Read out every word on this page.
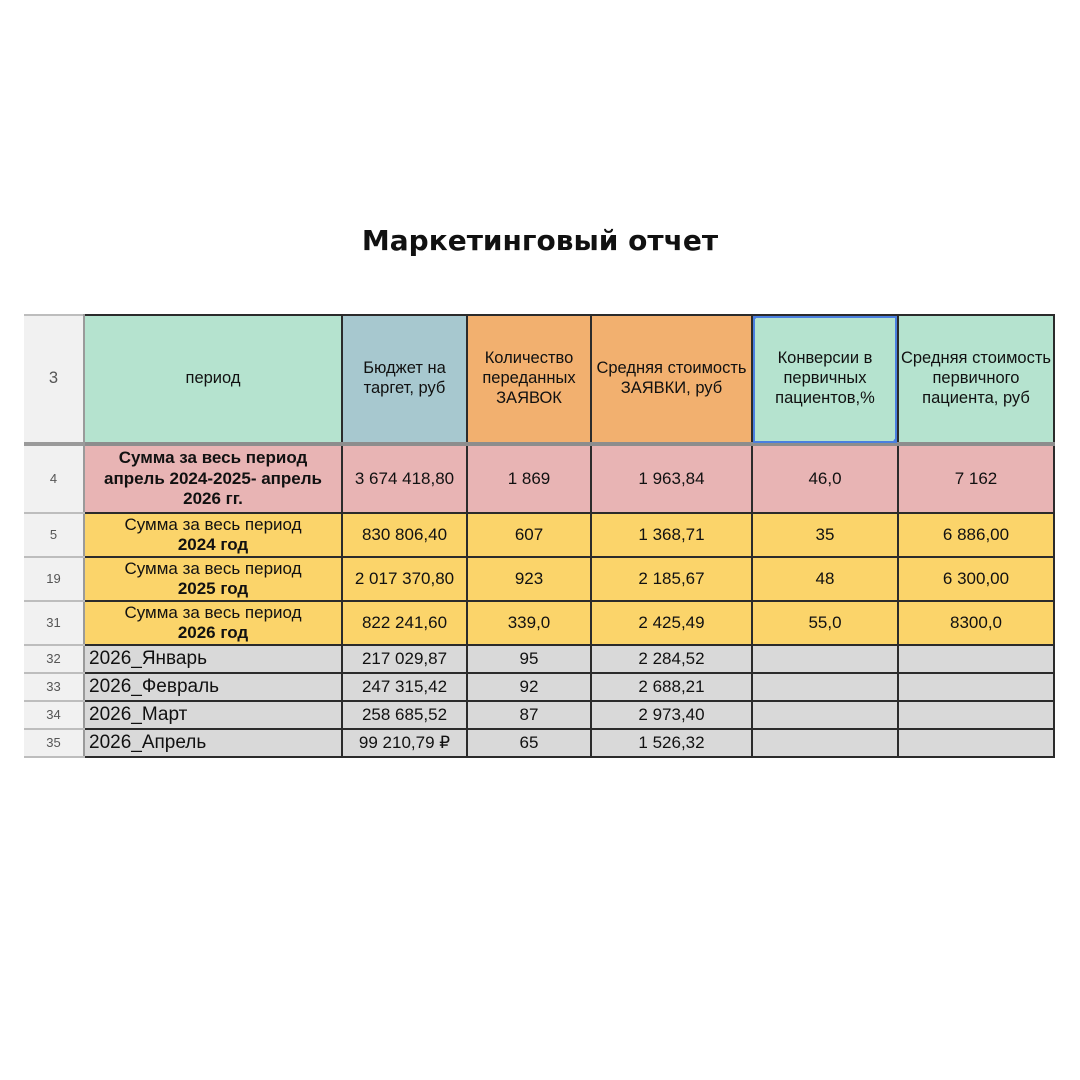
Маркетинговый отчет
3	период	Бюджет на таргет, руб	Количество переданных ЗАЯВОК	Средняя стоимость ЗАЯВКИ, руб	Конверсии в первичных пациентов,%	Средняя стоимость первичного пациента, руб
4	Сумма за весь период
апрель 2024-2025- апрель 2026 гг.	3 674 418,80	1 869	1 963,84	46,0	7 162
5	Сумма за весь период
2024 год	830 806,40	607	1 368,71	35	6 886,00
19	Сумма за весь период
2025 год	2 017 370,80	923	2 185,67	48	6 300,00
31	Сумма за весь период
2026 год	822 241,60	339,0	2 425,49	55,0	8300,0
32	2026_Январь	217 029,87	95	2 284,52		
33	2026_Февраль	247 315,42	92	2 688,21		
34	2026_Март	258 685,52	87	2 973,40		
35	2026_Апрель	99 210,79 ₽	65	1 526,32		
